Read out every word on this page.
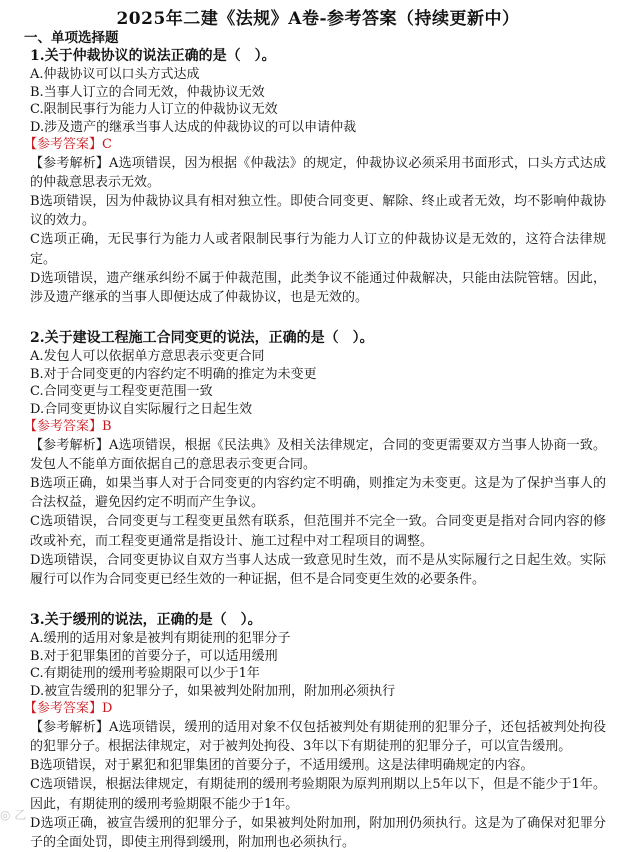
2025年二建《法规》A卷-参考答案（持续更新中）

一、单项选择题

1.关于仲裁协议的说法正确的是（　）。

A.仲裁协议可以口头方式达成

B.当事人订立的合同无效，仲裁协议无效

C.限制民事行为能力人订立的仲裁协议无效

D.涉及遗产的继承当事人达成的仲裁协议的可以申请仲裁

【参考答案】C

【参考解析】A选项错误，因为根据《仲裁法》的规定，仲裁协议必须采用书面形式，口头方式达成的仲裁意思表示无效。

B选项错误，因为仲裁协议具有相对独立性。即使合同变更、解除、终止或者无效，均不影响仲裁协议的效力。

C选项正确，无民事行为能力人或者限制民事行为能力人订立的仲裁协议是无效的，这符合法律规定。

D选项错误，遗产继承纠纷不属于仲裁范围，此类争议不能通过仲裁解决，只能由法院管辖。因此，涉及遗产继承的当事人即便达成了仲裁协议，也是无效的。

2.关于建设工程施工合同变更的说法，正确的是（　）。

A.发包人可以依据单方意思表示变更合同

B.对于合同变更的内容约定不明确的推定为未变更

C.合同变更与工程变更范围一致

D.合同变更协议自实际履行之日起生效

【参考答案】B

【参考解析】A选项错误，根据《民法典》及相关法律规定，合同的变更需要双方当事人协商一致。发包人不能单方面依据自己的意思表示变更合同。

B选项正确，如果当事人对于合同变更的内容约定不明确，则推定为未变更。这是为了保护当事人的合法权益，避免因约定不明而产生争议。

C选项错误，合同变更与工程变更虽然有联系，但范围并不完全一致。合同变更是指对合同内容的修改或补充，而工程变更通常是指设计、施工过程中对工程项目的调整。

D选项错误，合同变更协议自双方当事人达成一致意见时生效，而不是从实际履行之日起生效。实际履行可以作为合同变更已经生效的一种证据，但不是合同变更生效的必要条件。

3.关于缓刑的说法，正确的是（　）。

A.缓刑的适用对象是被判有期徒刑的犯罪分子

B.对于犯罪集团的首要分子，可以适用缓刑

C.有期徒刑的缓刑考验期限可以少于1年

D.被宣告缓刑的犯罪分子，如果被判处附加刑，附加刑必须执行

【参考答案】D

【参考解析】A选项错误，缓刑的适用对象不仅包括被判处有期徒刑的犯罪分子，还包括被判处拘役的犯罪分子。根据法律规定，对于被判处拘役、3年以下有期徒刑的犯罪分子，可以宣告缓刑。

B选项错误，对于累犯和犯罪集团的首要分子，不适用缓刑。这是法律明确规定的内容。

C选项错误，根据法律规定，有期徒刑的缓刑考验期限为原判刑期以上5年以下，但是不能少于1年。因此，有期徒刑的缓刑考验期限不能少于1年。

D选项正确，被宣告缓刑的犯罪分子，如果被判处附加刑，附加刑仍须执行。这是为了确保对犯罪分子的全面处罚，即使主刑得到缓刑，附加刑也必须执行。

◎ 乙
